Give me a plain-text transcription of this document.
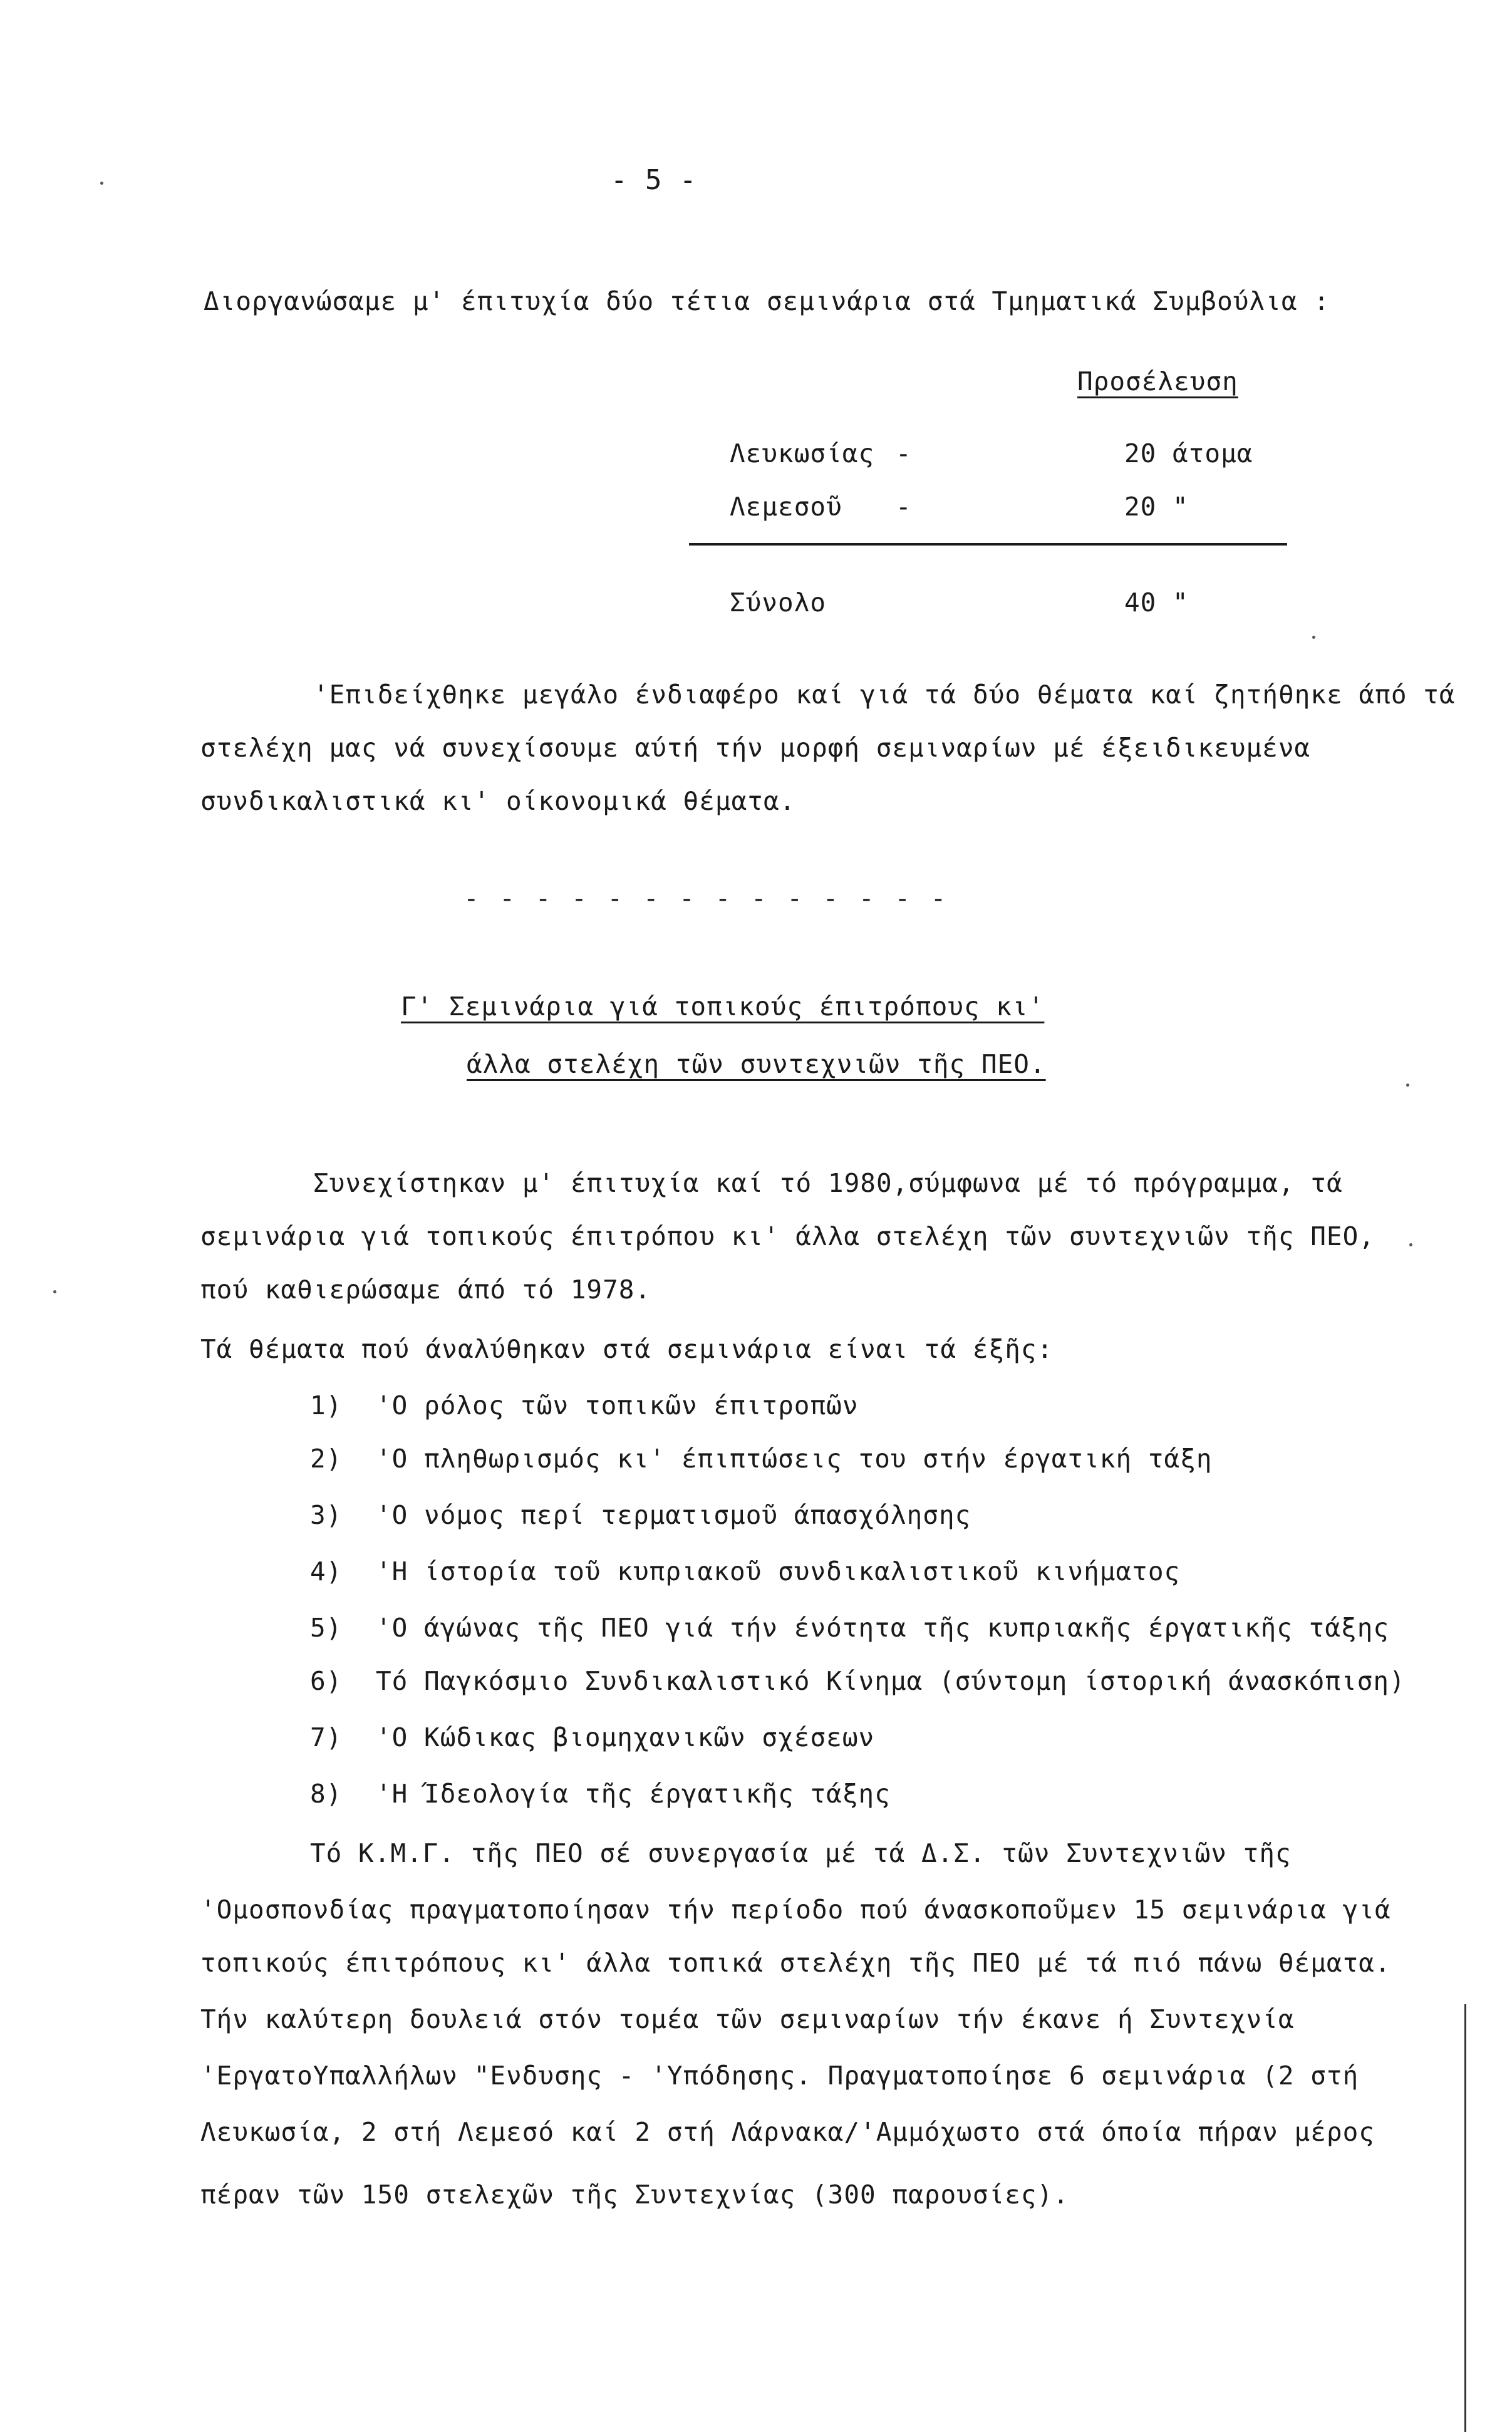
- 5 -
Διοργανώσαμε μ' έπιτυχία δύο τέτια σεμινάρια στά Τμηματικά Συμβούλια :
Προσέλευση
Λευκωσίας -	20 άτομα
Λεμεσοῦ -	20 "
Σύνολο	40 "
'Επιδείχθηκε μεγάλο ένδιαφέρο καί γιά τά δύο θέματα καί ζητήθηκε άπό τά
στελέχη μας νά συνεχίσουμε αύτή τήν μορφή σεμιναρίων μέ έξειδικευμένα
συνδικαλιστικά κι' οίκονομικά θέματα.
- - - - - - - - - - - - - -
Γ' Σεμινάρια γιά τοπικούς έπιτρόπους κι'
άλλα στελέχη τῶν συντεχνιῶν τῆς ΠΕΟ.
Συνεχίστηκαν μ' έπιτυχία καί τό 1980,σύμφωνα μέ τό πρόγραμμα, τά
σεμινάρια γιά τοπικούς έπιτρόπου κι' άλλα στελέχη τῶν συντεχνιῶν τῆς ΠΕΟ,
πού καθιερώσαμε άπό τό 1978.
Τά θέματα πού άναλύθηκαν στά σεμινάρια είναι τά έξῆς:
1)	'Ο ρόλος τῶν τοπικῶν έπιτροπῶν
2)	'Ο πληθωρισμός κι' έπιπτώσεις του στήν έργατική τάξη
3)	'Ο νόμος περί τερματισμοῦ άπασχόλησης
4)	'Η ίστορία τοῦ κυπριακοῦ συνδικαλιστικοῦ κινήματος
5)	'Ο άγώνας τῆς ΠΕΟ γιά τήν ένότητα τῆς κυπριακῆς έργατικῆς τάξης
6)	Τό Παγκόσμιο Συνδικαλιστικό Κίνημα (σύντομη ίστορική άνασκόπιση)
7)	'Ο Κώδικας βιομηχανικῶν σχέσεων
8)	'Η Ίδεολογία τῆς έργατικῆς τάξης
Τό Κ.Μ.Γ. τῆς ΠΕΟ σέ συνεργασία μέ τά Δ.Σ. τῶν Συντεχνιῶν τῆς
'Ομοσπονδίας πραγματοποίησαν τήν περίοδο πού άνασκοποῦμεν 15 σεμινάρια γιά
τοπικούς έπιτρόπους κι' άλλα τοπικά στελέχη τῆς ΠΕΟ μέ τά πιό πάνω θέματα.
Τήν καλύτερη δουλειά στόν τομέα τῶν σεμιναρίων τήν έκανε ή Συντεχνία
'ΕργατοΥπαλλήλων "Ενδυσης - 'Υπόδησης. Πραγματοποίησε 6 σεμινάρια (2 στή
Λευκωσία, 2 στή Λεμεσό καί 2 στή Λάρνακα/'Αμμόχωστο στά όποία πήραν μέρος
πέραν τῶν 150 στελεχῶν τῆς Συντεχνίας (300 παρουσίες).
